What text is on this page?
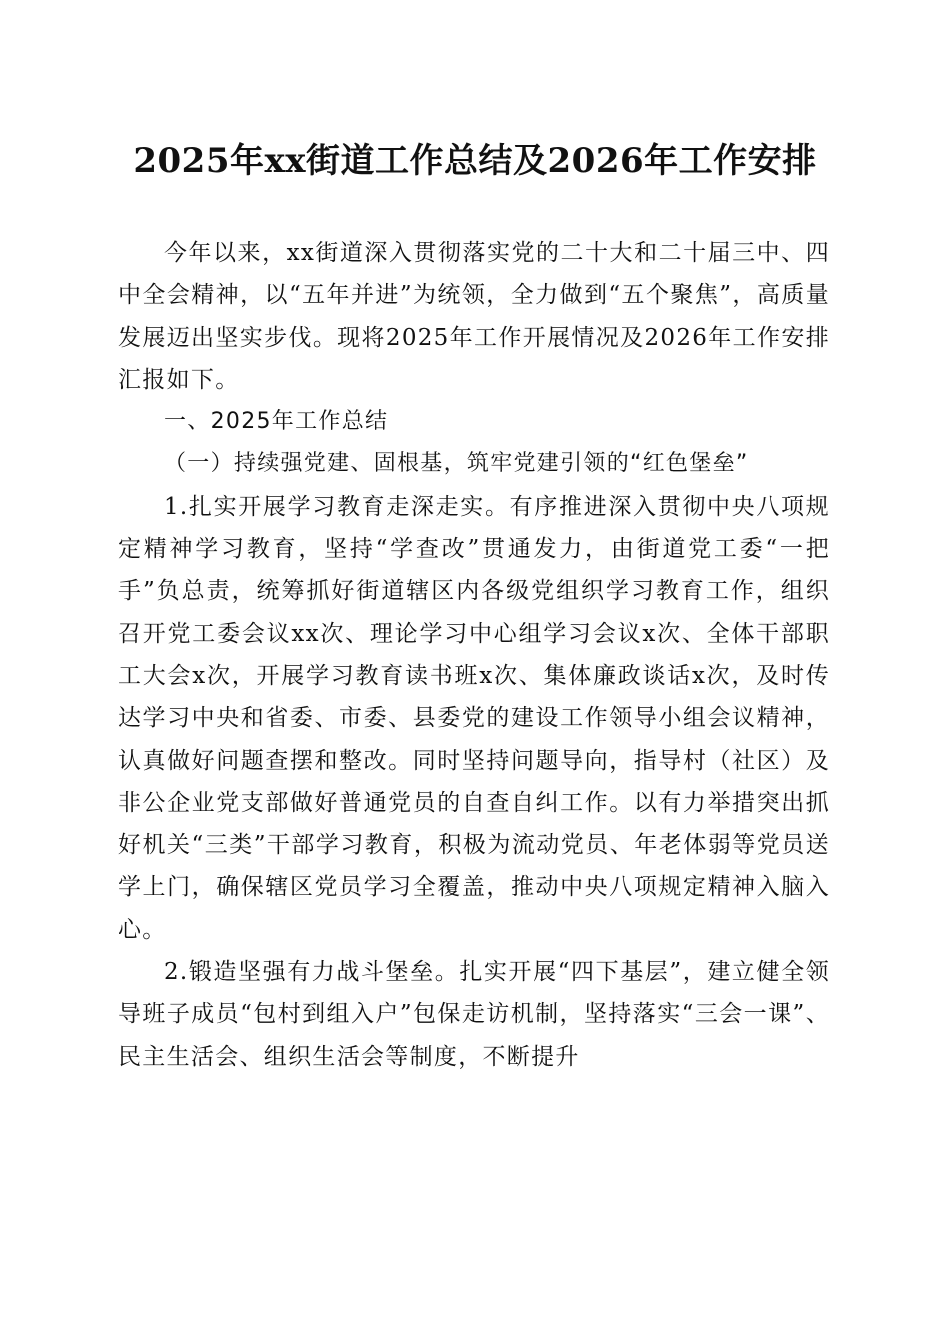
2025年xx街道工作总结及2026年工作安排

今年以来，xx街道深入贯彻落实党的二十大和二十届三中、四中全会精神，以“五年并进”为统领，全力做到“五个聚焦”，高质量发展迈出坚实步伐。现将2025年工作开展情况及2026年工作安排汇报如下。

一、2025年工作总结

（一）持续强党建、固根基，筑牢党建引领的“红色堡垒”

1.扎实开展学习教育走深走实。有序推进深入贯彻中央八项规定精神学习教育，坚持“学查改”贯通发力，由街道党工委“一把手”负总责，统筹抓好街道辖区内各级党组织学习教育工作，组织召开党工委会议xx次、理论学习中心组学习会议x次、全体干部职工大会x次，开展学习教育读书班x次、集体廉政谈话x次，及时传达学习中央和省委、市委、县委党的建设工作领导小组会议精神，认真做好问题查摆和整改。同时坚持问题导向，指导村（社区）及非公企业党支部做好普通党员的自查自纠工作。以有力举措突出抓好机关“三类”干部学习教育，积极为流动党员、年老体弱等党员送学上门，确保辖区党员学习全覆盖，推动中央八项规定精神入脑入心。

2.锻造坚强有力战斗堡垒。扎实开展“四下基层”，建立健全领导班子成员“包村到组入户”包保走访机制，坚持落实“三会一课”、民主生活会、组织生活会等制度，不断提升
